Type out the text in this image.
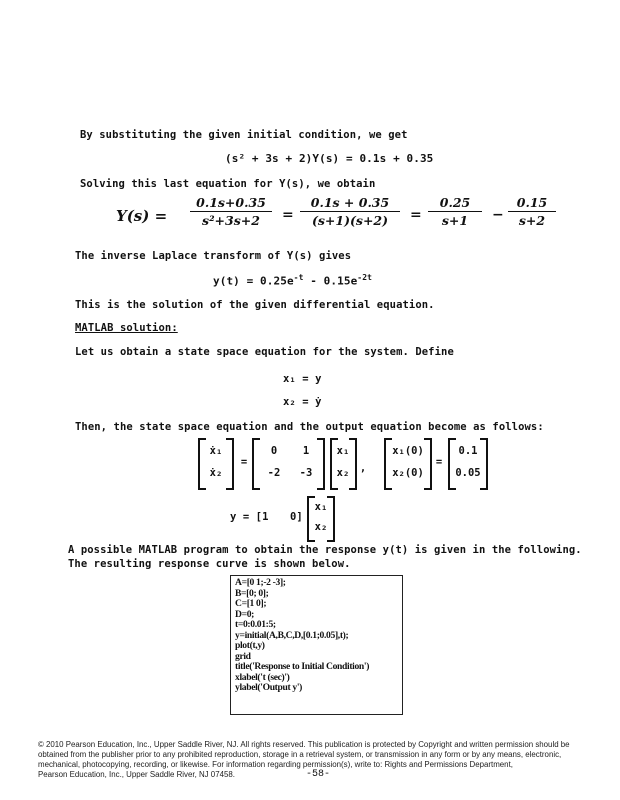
By substituting the given initial condition, we get
(s² + 3s + 2)Y(s) = 0.1s + 0.35
Solving this last equation for Y(s), we obtain
Y(s) =
0.1s+0.35
s²+3s+2	=
0.1s + 0.35
(s+1)(s+2)	=
0.25
s+1	−
0.15
s+2
The inverse Laplace transform of Y(s) gives
$y(t) = 0.25e^{-t} - 0.15e^{-2t}$
This is the solution of the given differential equation.
MATLAB solution:
Let us obtain a state space equation for the system. Define
x₁ = y
x₂ = ẏ
Then, the state space equation and the output equation become as follows:
ẋ₁
ẋ₂
=
0	1
-2	-3
x₁
x₂	,
x₁(0)
x₂(0)
=
0.1
0.05
y = [1 0]
x₁
x₂
A possible MATLAB program to obtain the response y(t) is given in the following.
The resulting response curve is shown below.
A=[0 1;-2 -3];
B=[0; 0];
C=[1 0];
D=0;
t=0:0.01:5;
y=initial(A,B,C,D,[0.1;0.05],t);
plot(t,y)
grid
title('Response to Initial Condition')
xlabel('t (sec)')
ylabel('Output y')
© 2010 Pearson Education, Inc., Upper Saddle River, NJ. All rights reserved. This publication is protected by Copyright and written permission should be
obtained from the publisher prior to any prohibited reproduction, storage in a retrieval system, or transmission in any form or by any means, electronic,
mechanical, photocopying, recording, or likewise. For information regarding permission(s), write to: Rights and Permissions Department,
Pearson Education, Inc., Upper Saddle River, NJ 07458.	-58-
